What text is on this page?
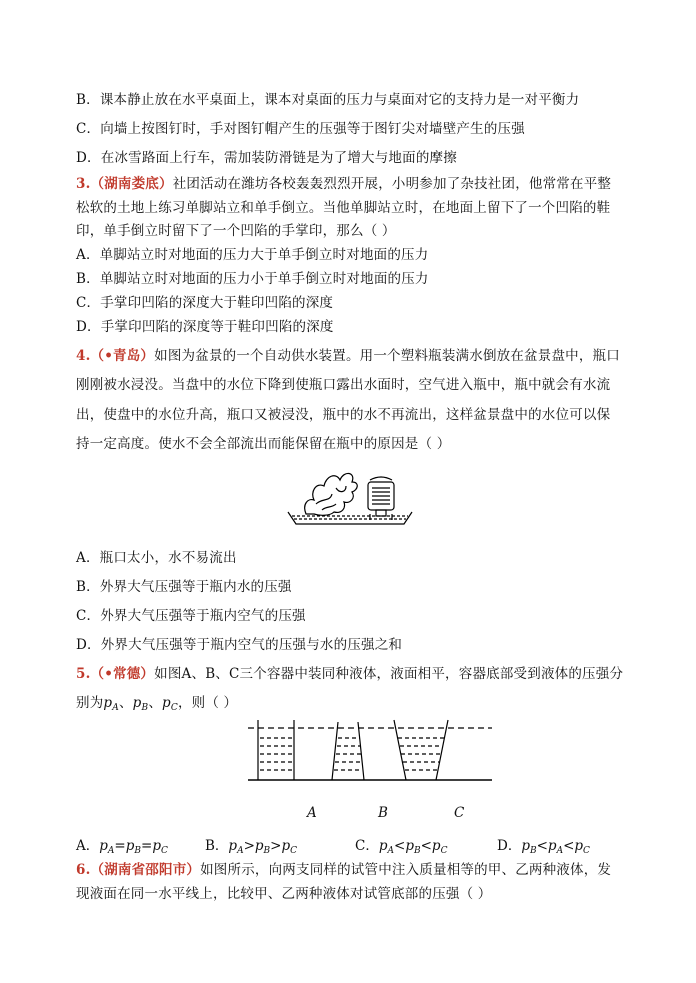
B．课本静止放在水平桌面上，课本对桌面的压力与桌面对它的支持力是一对平衡力
C．向墙上按图钉时，手对图钉帽产生的压强等于图钉尖对墙壁产生的压强
D．在冰雪路面上行车，需加装防滑链是为了增大与地面的摩擦
3.（湖南娄底）社团活动在潍坊各校轰轰烈烈开展，小明参加了杂技社团，他常常在平整
松软的土地上练习单脚站立和单手倒立。当他单脚站立时，在地面上留下了一个凹陷的鞋
印，单手倒立时留下了一个凹陷的手掌印，那么（ ）
A．单脚站立时对地面的压力大于单手倒立时对地面的压力
B．单脚站立时对地面的压力小于单手倒立时对地面的压力
C．手掌印凹陷的深度大于鞋印凹陷的深度
D．手掌印凹陷的深度等于鞋印凹陷的深度
4.（•青岛）如图为盆景的一个自动供水装置。用一个塑料瓶装满水倒放在盆景盘中，瓶口
刚刚被水浸没。当盘中的水位下降到使瓶口露出水面时，空气进入瓶中，瓶中就会有水流
出，使盘中的水位升高，瓶口又被浸没，瓶中的水不再流出，这样盆景盘中的水位可以保
持一定高度。使水不会全部流出而能保留在瓶中的原因是（ ）
A．瓶口太小，水不易流出
B．外界大气压强等于瓶内水的压强
C．外界大气压强等于瓶内空气的压强
D．外界大气压强等于瓶内空气的压强与水的压强之和
5.（•常德）如图A、B、C三个容器中装同种液体，液面相平，容器底部受到液体的压强分
别为$p_A$、$p_B$、$p_C$，则（ ）
A	B	C
A．$p_A=p_B=p_C$	B．$p_A>p_B>p_C$	C．$p_A<p_B<p_C$	D．$p_B<p_A<p_C$
6.（湖南省邵阳市）如图所示，向两支同样的试管中注入质量相等的甲、乙两种液体，发
现液面在同一水平线上，比较甲、乙两种液体对试管底部的压强（ ）
